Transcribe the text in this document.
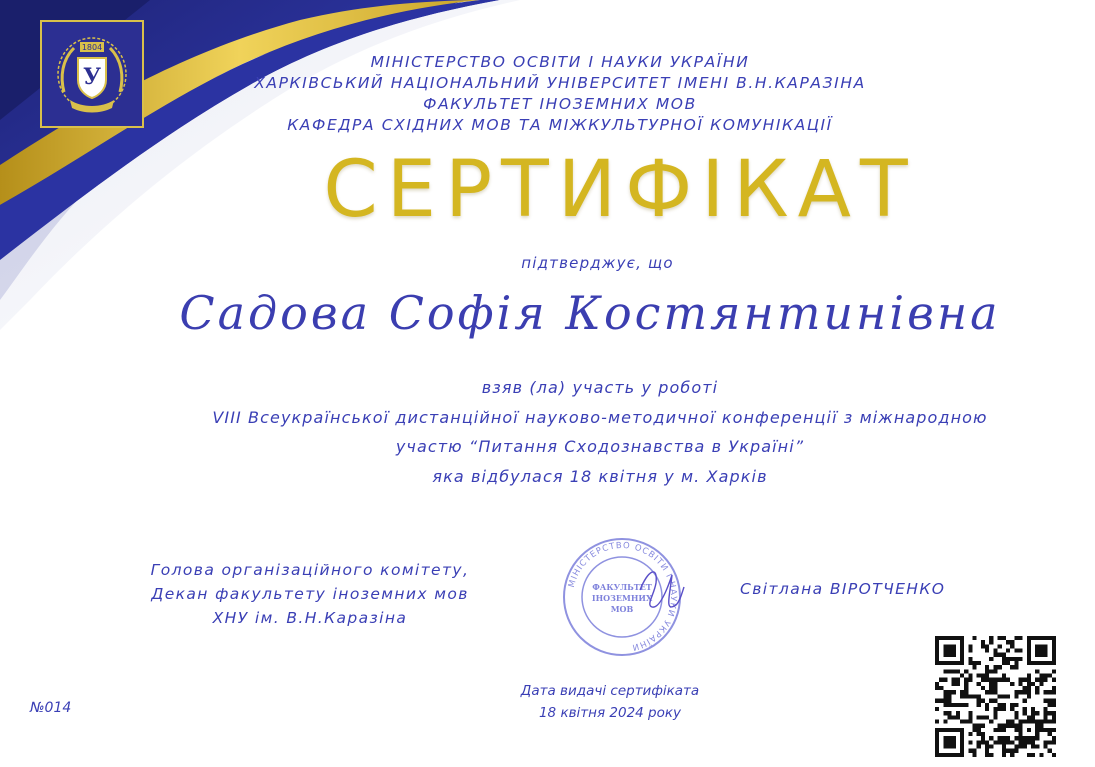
1804
У
МІНІСТЕРСТВО ОСВІТИ І НАУКИ УКРАЇНИ
ХАРКІВСЬКИЙ НАЦІОНАЛЬНИЙ УНІВЕРСИТЕТ ІМЕНІ В.Н.КАРАЗІНА
ФАКУЛЬТЕТ ІНОЗЕМНИХ МОВ
КАФЕДРА СХІДНИХ МОВ ТА МІЖКУЛЬТУРНОЇ КОМУНІКАЦІЇ
СЕРТИФІКАТ
підтверджує, що
Садова Софія Костянтинівна
взяв (ла) участь у роботі
VIII Всеукраїнської дистанційної науково-методичної конференції з міжнародною
участю “Питання Сходознавства в Україні”
яка відбулася 18 квітня у м. Харків
Голова організаційного комітету,
Декан факультету іноземних мов
ХНУ ім. В.Н.Каразіна
МІНІСТЕРСТВО ОСВІТИ І НАУКИ УКРАЇНИ
ФАКУЛЬТЕТ
ІНОЗЕМНИХ
МОВ
Світлана ВІРОТЧЕНКО
Дата видачі сертифіката
18 квітня 2024 року
№014
